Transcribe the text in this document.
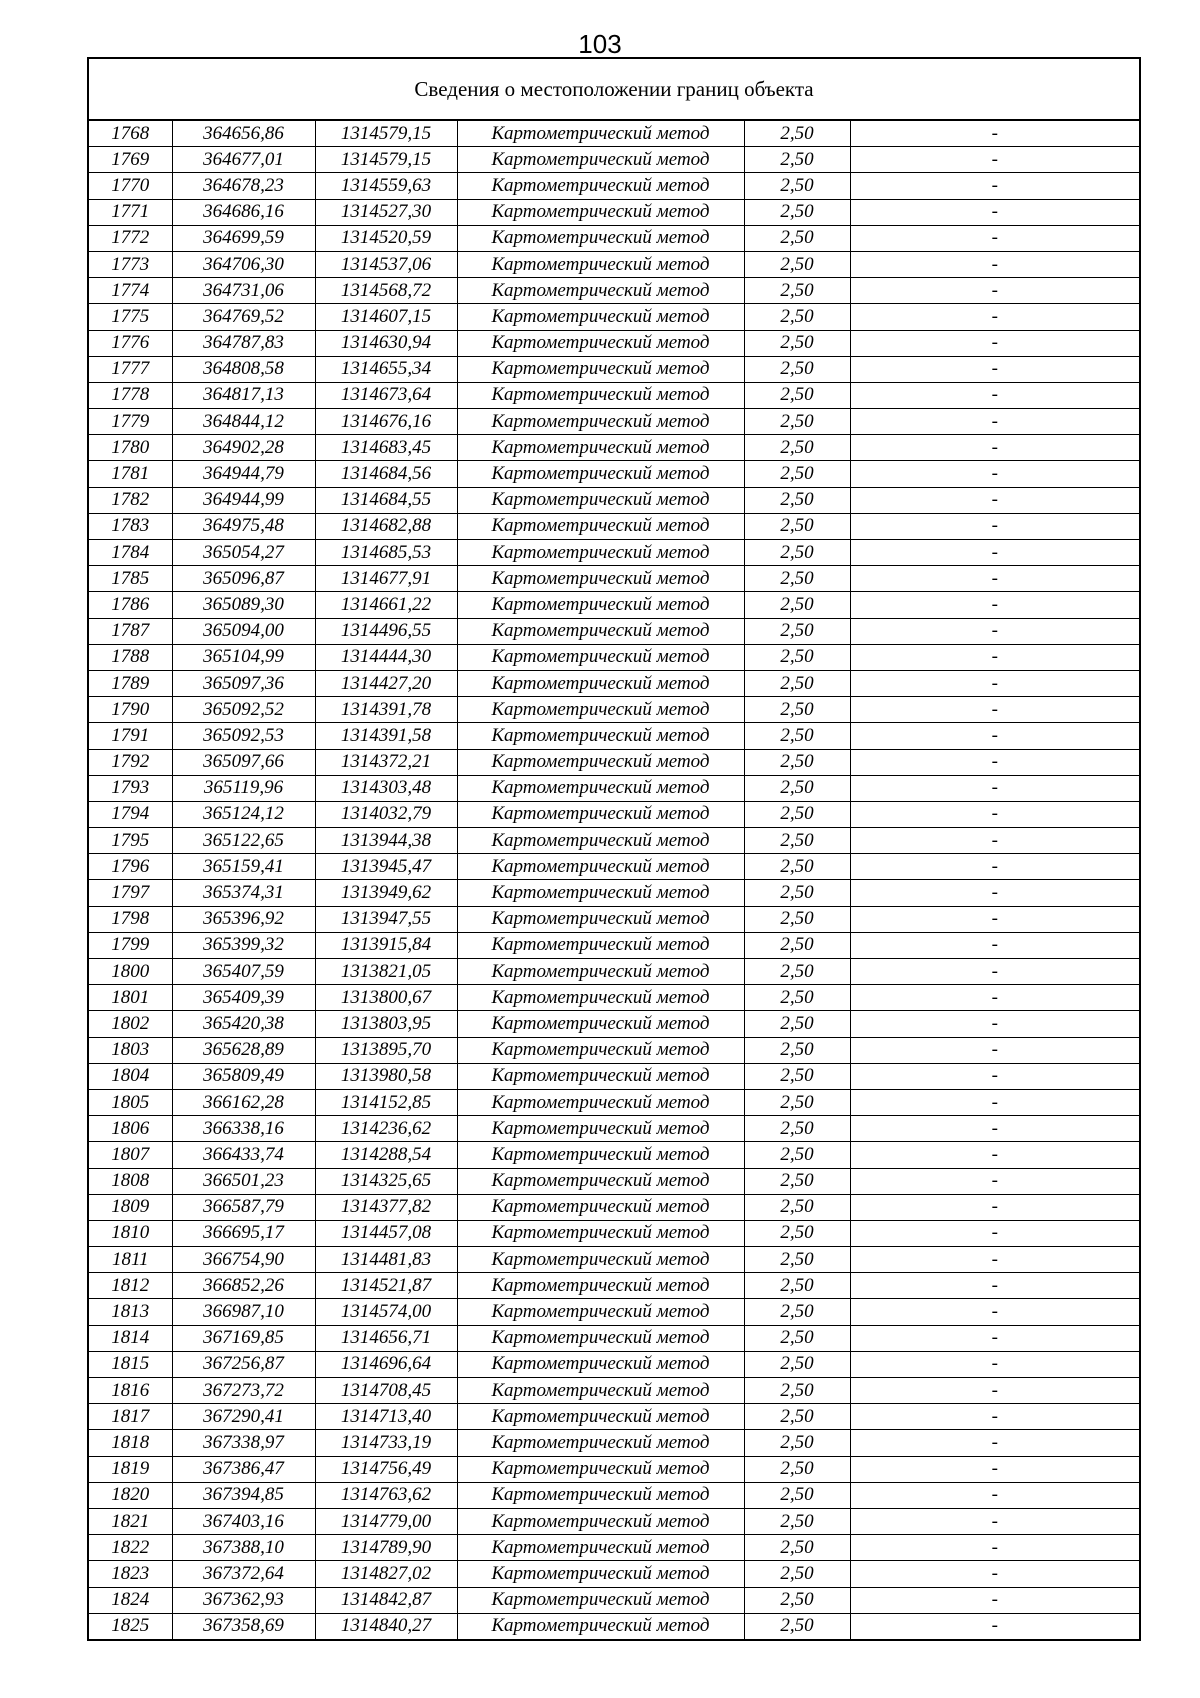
103
Сведения о местоположении границ объекта					
1768	364656,86	1314579,15	Картометрический метод	2,50	-
1769	364677,01	1314579,15	Картометрический метод	2,50	-
1770	364678,23	1314559,63	Картометрический метод	2,50	-
1771	364686,16	1314527,30	Картометрический метод	2,50	-
1772	364699,59	1314520,59	Картометрический метод	2,50	-
1773	364706,30	1314537,06	Картометрический метод	2,50	-
1774	364731,06	1314568,72	Картометрический метод	2,50	-
1775	364769,52	1314607,15	Картометрический метод	2,50	-
1776	364787,83	1314630,94	Картометрический метод	2,50	-
1777	364808,58	1314655,34	Картометрический метод	2,50	-
1778	364817,13	1314673,64	Картометрический метод	2,50	-
1779	364844,12	1314676,16	Картометрический метод	2,50	-
1780	364902,28	1314683,45	Картометрический метод	2,50	-
1781	364944,79	1314684,56	Картометрический метод	2,50	-
1782	364944,99	1314684,55	Картометрический метод	2,50	-
1783	364975,48	1314682,88	Картометрический метод	2,50	-
1784	365054,27	1314685,53	Картометрический метод	2,50	-
1785	365096,87	1314677,91	Картометрический метод	2,50	-
1786	365089,30	1314661,22	Картометрический метод	2,50	-
1787	365094,00	1314496,55	Картометрический метод	2,50	-
1788	365104,99	1314444,30	Картометрический метод	2,50	-
1789	365097,36	1314427,20	Картометрический метод	2,50	-
1790	365092,52	1314391,78	Картометрический метод	2,50	-
1791	365092,53	1314391,58	Картометрический метод	2,50	-
1792	365097,66	1314372,21	Картометрический метод	2,50	-
1793	365119,96	1314303,48	Картометрический метод	2,50	-
1794	365124,12	1314032,79	Картометрический метод	2,50	-
1795	365122,65	1313944,38	Картометрический метод	2,50	-
1796	365159,41	1313945,47	Картометрический метод	2,50	-
1797	365374,31	1313949,62	Картометрический метод	2,50	-
1798	365396,92	1313947,55	Картометрический метод	2,50	-
1799	365399,32	1313915,84	Картометрический метод	2,50	-
1800	365407,59	1313821,05	Картометрический метод	2,50	-
1801	365409,39	1313800,67	Картометрический метод	2,50	-
1802	365420,38	1313803,95	Картометрический метод	2,50	-
1803	365628,89	1313895,70	Картометрический метод	2,50	-
1804	365809,49	1313980,58	Картометрический метод	2,50	-
1805	366162,28	1314152,85	Картометрический метод	2,50	-
1806	366338,16	1314236,62	Картометрический метод	2,50	-
1807	366433,74	1314288,54	Картометрический метод	2,50	-
1808	366501,23	1314325,65	Картометрический метод	2,50	-
1809	366587,79	1314377,82	Картометрический метод	2,50	-
1810	366695,17	1314457,08	Картометрический метод	2,50	-
1811	366754,90	1314481,83	Картометрический метод	2,50	-
1812	366852,26	1314521,87	Картометрический метод	2,50	-
1813	366987,10	1314574,00	Картометрический метод	2,50	-
1814	367169,85	1314656,71	Картометрический метод	2,50	-
1815	367256,87	1314696,64	Картометрический метод	2,50	-
1816	367273,72	1314708,45	Картометрический метод	2,50	-
1817	367290,41	1314713,40	Картометрический метод	2,50	-
1818	367338,97	1314733,19	Картометрический метод	2,50	-
1819	367386,47	1314756,49	Картометрический метод	2,50	-
1820	367394,85	1314763,62	Картометрический метод	2,50	-
1821	367403,16	1314779,00	Картометрический метод	2,50	-
1822	367388,10	1314789,90	Картометрический метод	2,50	-
1823	367372,64	1314827,02	Картометрический метод	2,50	-
1824	367362,93	1314842,87	Картометрический метод	2,50	-
1825	367358,69	1314840,27	Картометрический метод	2,50	-
